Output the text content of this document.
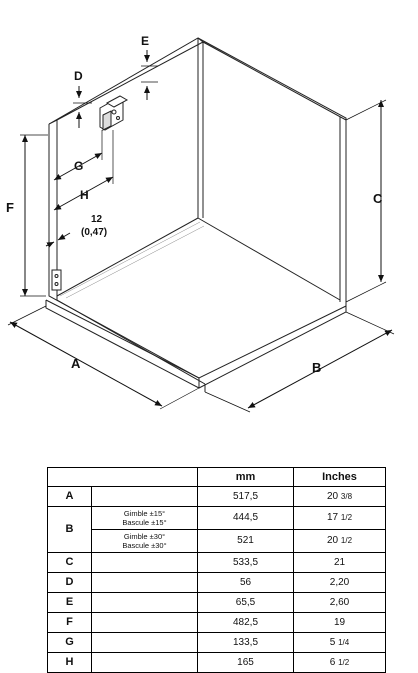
A	B
C
D
E
F
G
H
12
(0,47)
		mm	Inches
A		517,5	20 3/8
B	Gimble ±15°
Bascule ±15°	444,5	17 1/2

	Gimble ±30°
Bascule ±30°	521	20 1/2
C		533,5	21
D		56	2,20
E		65,5	2,60
F		482,5	19
G		133,5	5 1/4
H		165	6 1/2
